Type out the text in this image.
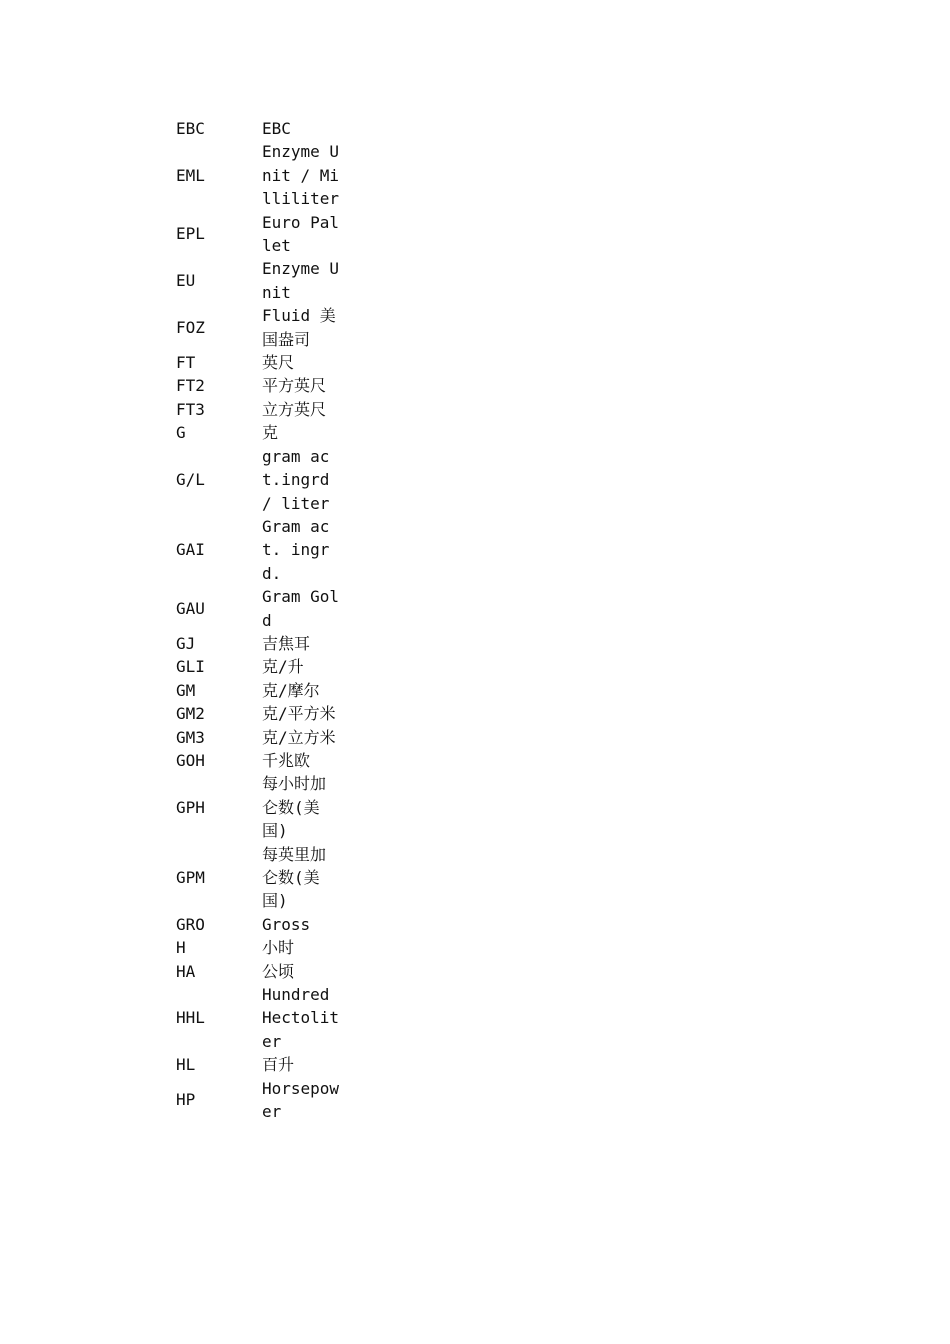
EBC	EBC
EML	Enzyme Unit / Milliliter
EPL	Euro Pallet
EU	Enzyme Unit
FOZ	Fluid 美国盎司
FT	英尺
FT2	平方英尺
FT3	立方英尺
G	克
G/L	gram act.ingrd / liter
GAI	Gram act. ingrd.
GAU	Gram Gold
GJ	吉焦耳
GLI	克/升
GM	克/摩尔
GM2	克/平方米
GM3	克/立方米
GOH	千兆欧
GPH	每小时加仑数(美国)
GPM	每英里加仑数(美国)
GRO	Gross
H	小时
HA	公顷
HHL	Hundred Hectoliter
HL	百升
HP	Horsepower
